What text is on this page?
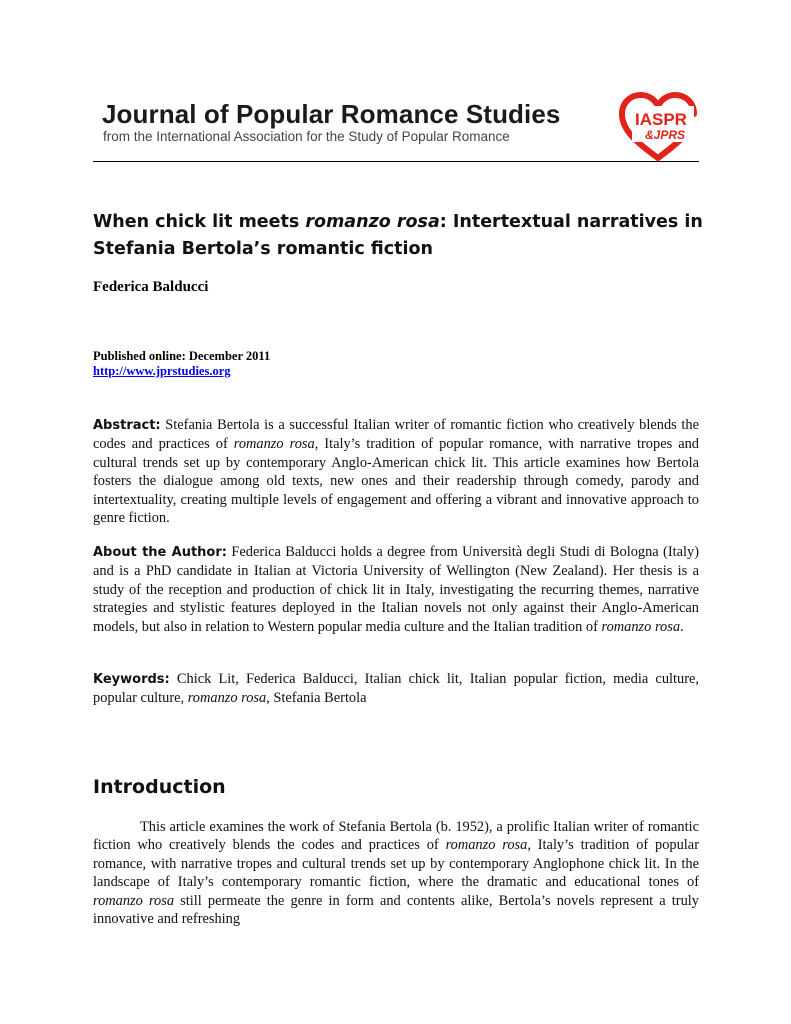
Journal of Popular Romance Studies

from the International Association for the Study of Popular Romance

IASPR
&JPRS
When chick lit meets romanzo rosa: Intertextual narratives in Stefania Bertola’s romantic fiction

Federica Balducci

Published online: December 2011

http://www.jprstudies.org

Abstract: Stefania Bertola is a successful Italian writer of romantic fiction who creatively blends the codes and practices of romanzo rosa, Italy’s tradition of popular romance, with narrative tropes and cultural trends set up by contemporary Anglo-American chick lit. This article examines how Bertola fosters the dialogue among old texts, new ones and their readership through comedy, parody and intertextuality, creating multiple levels of engagement and offering a vibrant and innovative approach to genre fiction.

About the Author: Federica Balducci holds a degree from Università degli Studi di Bologna (Italy) and is a PhD candidate in Italian at Victoria University of Wellington (New Zealand). Her thesis is a study of the reception and production of chick lit in Italy, investigating the recurring themes, narrative strategies and stylistic features deployed in the Italian novels not only against their Anglo-American models, but also in relation to Western popular media culture and the Italian tradition of romanzo rosa.

Keywords: Chick Lit, Federica Balducci, Italian chick lit, Italian popular fiction, media culture, popular culture, romanzo rosa, Stefania Bertola

Introduction

This article examines the work of Stefania Bertola (b. 1952), a prolific Italian writer of romantic fiction who creatively blends the codes and practices of romanzo rosa, Italy’s tradition of popular romance, with narrative tropes and cultural trends set up by contemporary Anglophone chick lit. In the landscape of Italy’s contemporary romantic fiction, where the dramatic and educational tones of romanzo rosa still permeate the genre in form and contents alike, Bertola’s novels represent a truly innovative and refreshing
